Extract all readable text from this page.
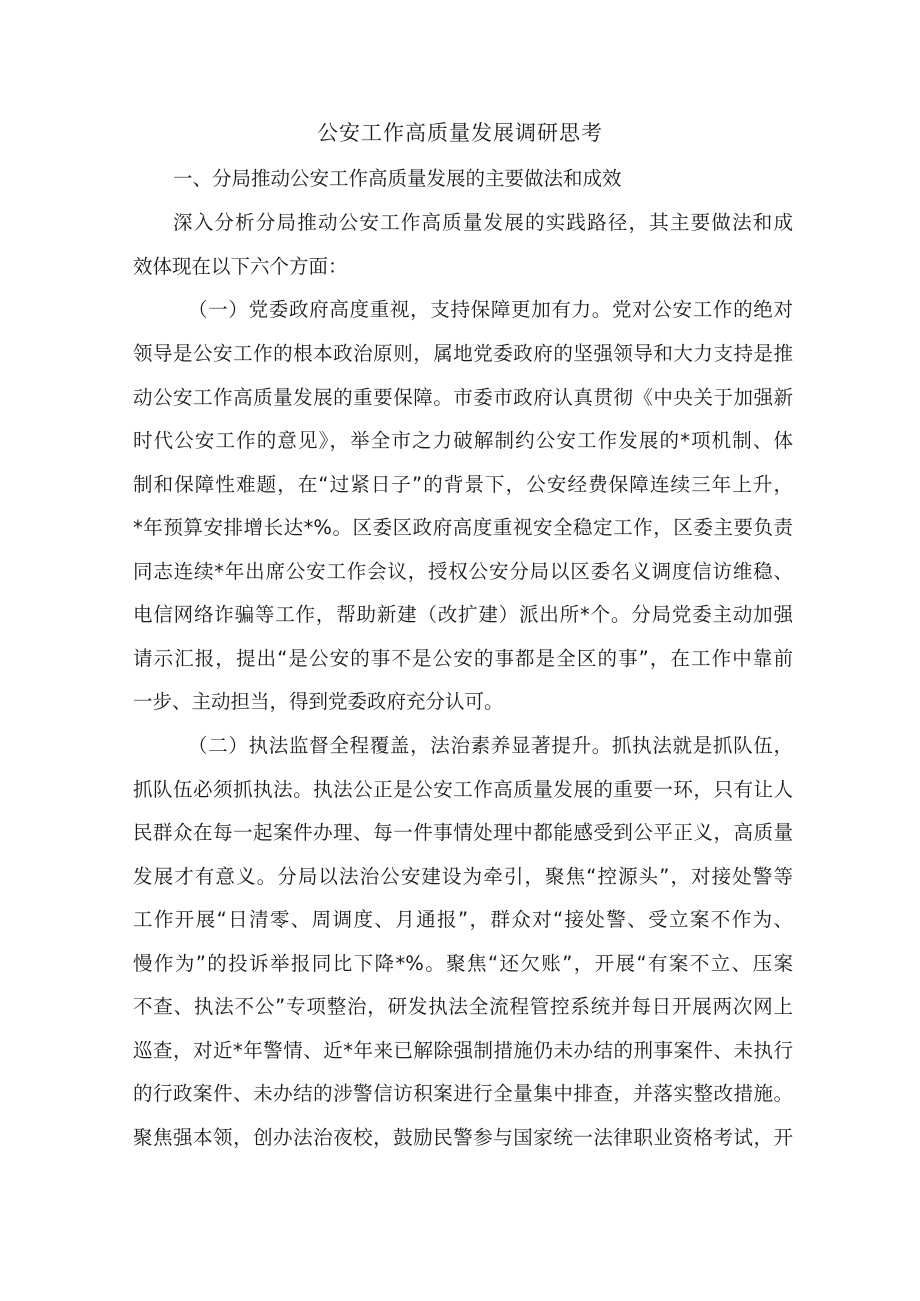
公安工作高质量发展调研思考
一、分局推动公安工作高质量发展的主要做法和成效
深入分析分局推动公安工作高质量发展的实践路径，其主要做法和成
效体现在以下六个方面：
（一）党委政府高度重视，支持保障更加有力。党对公安工作的绝对
领导是公安工作的根本政治原则，属地党委政府的坚强领导和大力支持是推
动公安工作高质量发展的重要保障。市委市政府认真贯彻《中央关于加强新
时代公安工作的意见》，举全市之力破解制约公安工作发展的*项机制、体
制和保障性难题，在“过紧日子”的背景下，公安经费保障连续三年上升，
*年预算安排增长达*%。区委区政府高度重视安全稳定工作，区委主要负责
同志连续*年出席公安工作会议，授权公安分局以区委名义调度信访维稳、
电信网络诈骗等工作，帮助新建（改扩建）派出所*个。分局党委主动加强
请示汇报，提出“是公安的事不是公安的事都是全区的事”，在工作中靠前
一步、主动担当，得到党委政府充分认可。
（二）执法监督全程覆盖，法治素养显著提升。抓执法就是抓队伍，
抓队伍必须抓执法。执法公正是公安工作高质量发展的重要一环，只有让人
民群众在每一起案件办理、每一件事情处理中都能感受到公平正义，高质量
发展才有意义。分局以法治公安建设为牵引，聚焦“控源头”，对接处警等
工作开展“日清零、周调度、月通报”，群众对“接处警、受立案不作为、
慢作为”的投诉举报同比下降*%。聚焦“还欠账”，开展“有案不立、压案
不查、执法不公”专项整治，研发执法全流程管控系统并每日开展两次网上
巡查，对近*年警情、近*年来已解除强制措施仍未办结的刑事案件、未执行
的行政案件、未办结的涉警信访积案进行全量集中排查，并落实整改措施。
聚焦强本领，创办法治夜校，鼓励民警参与国家统一法律职业资格考试，开
